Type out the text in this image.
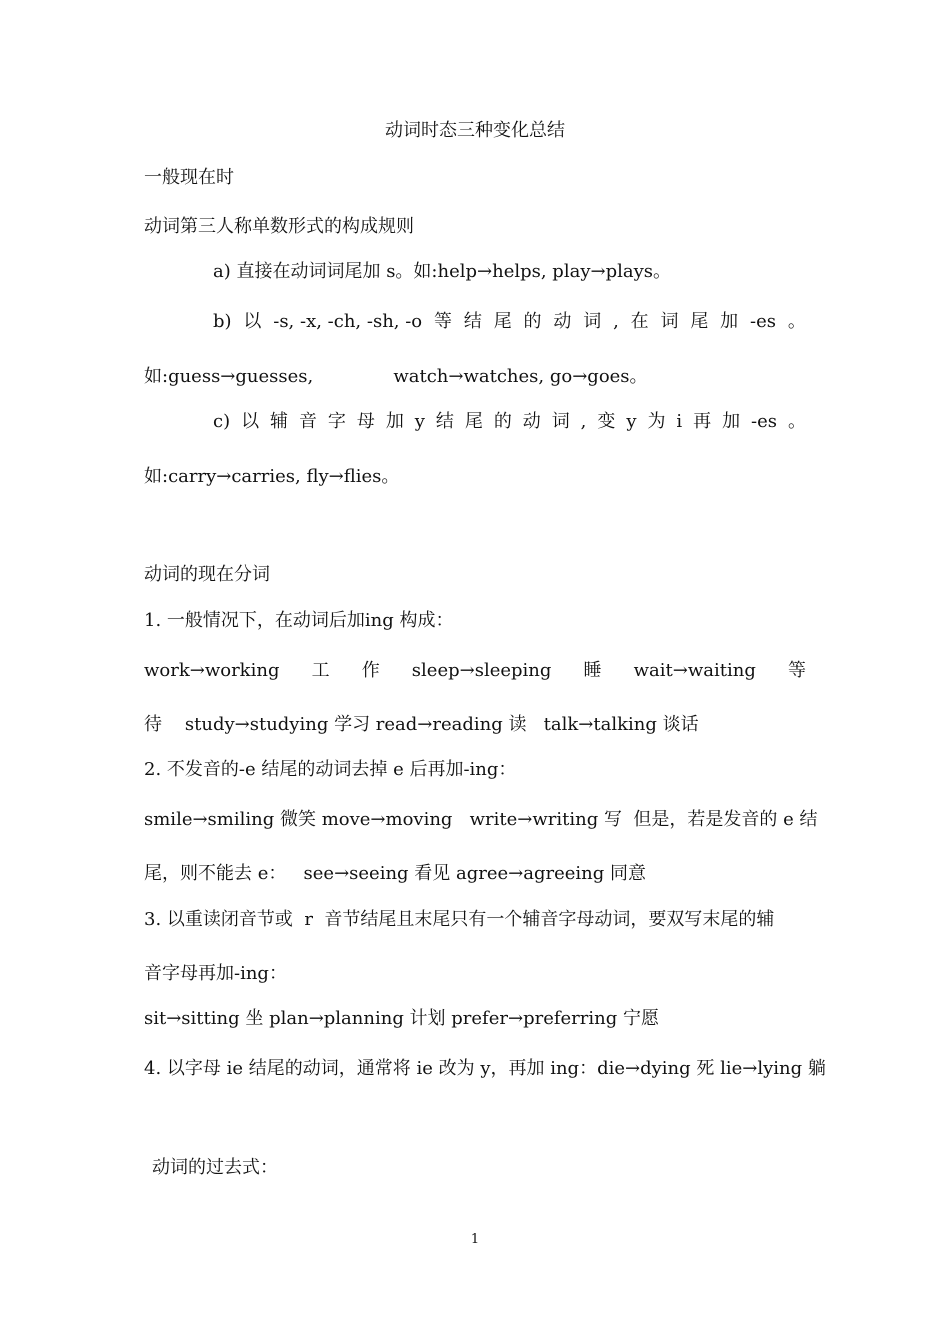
动词时态三种变化总结
一般现在时
动词第三人称单数形式的构成规则
a) 直接在动词词尾加 s。如:help→helps, play→plays。
b) 以 -s, -x, -ch, -sh, -o 等 结 尾 的 动 词 , 在 词 尾 加 -es 。
如:guess→guesses,              watch→watches, go→goes。
c) 以 辅 音 字 母 加 y 结 尾 的 动 词 , 变 y 为 i 再 加 -es 。
如:carry→carries, fly→flies。
动词的现在分词
1. 一般情况下，在动词后加ing 构成：
work→working 工 作 sleep→sleeping 睡 wait→waiting 等
待    study→studying 学习 read→reading 读   talk→talking 谈话
2. 不发音的-e 结尾的动词去掉 e 后再加-ing：
smile→smiling 微笑 move→moving   write→writing 写  但是，若是发音的 e 结
尾，则不能去 e：   see→seeing 看见 agree→agreeing 同意
3. 以重读闭音节或  r  音节结尾且末尾只有一个辅音字母动词，要双写末尾的辅
音字母再加-ing：
sit→sitting 坐 plan→planning 计划 prefer→preferring 宁愿
4. 以字母 ie 结尾的动词，通常将 ie 改为 y，再加 ing：die→dying 死 lie→lying 躺
动词的过去式：
1
